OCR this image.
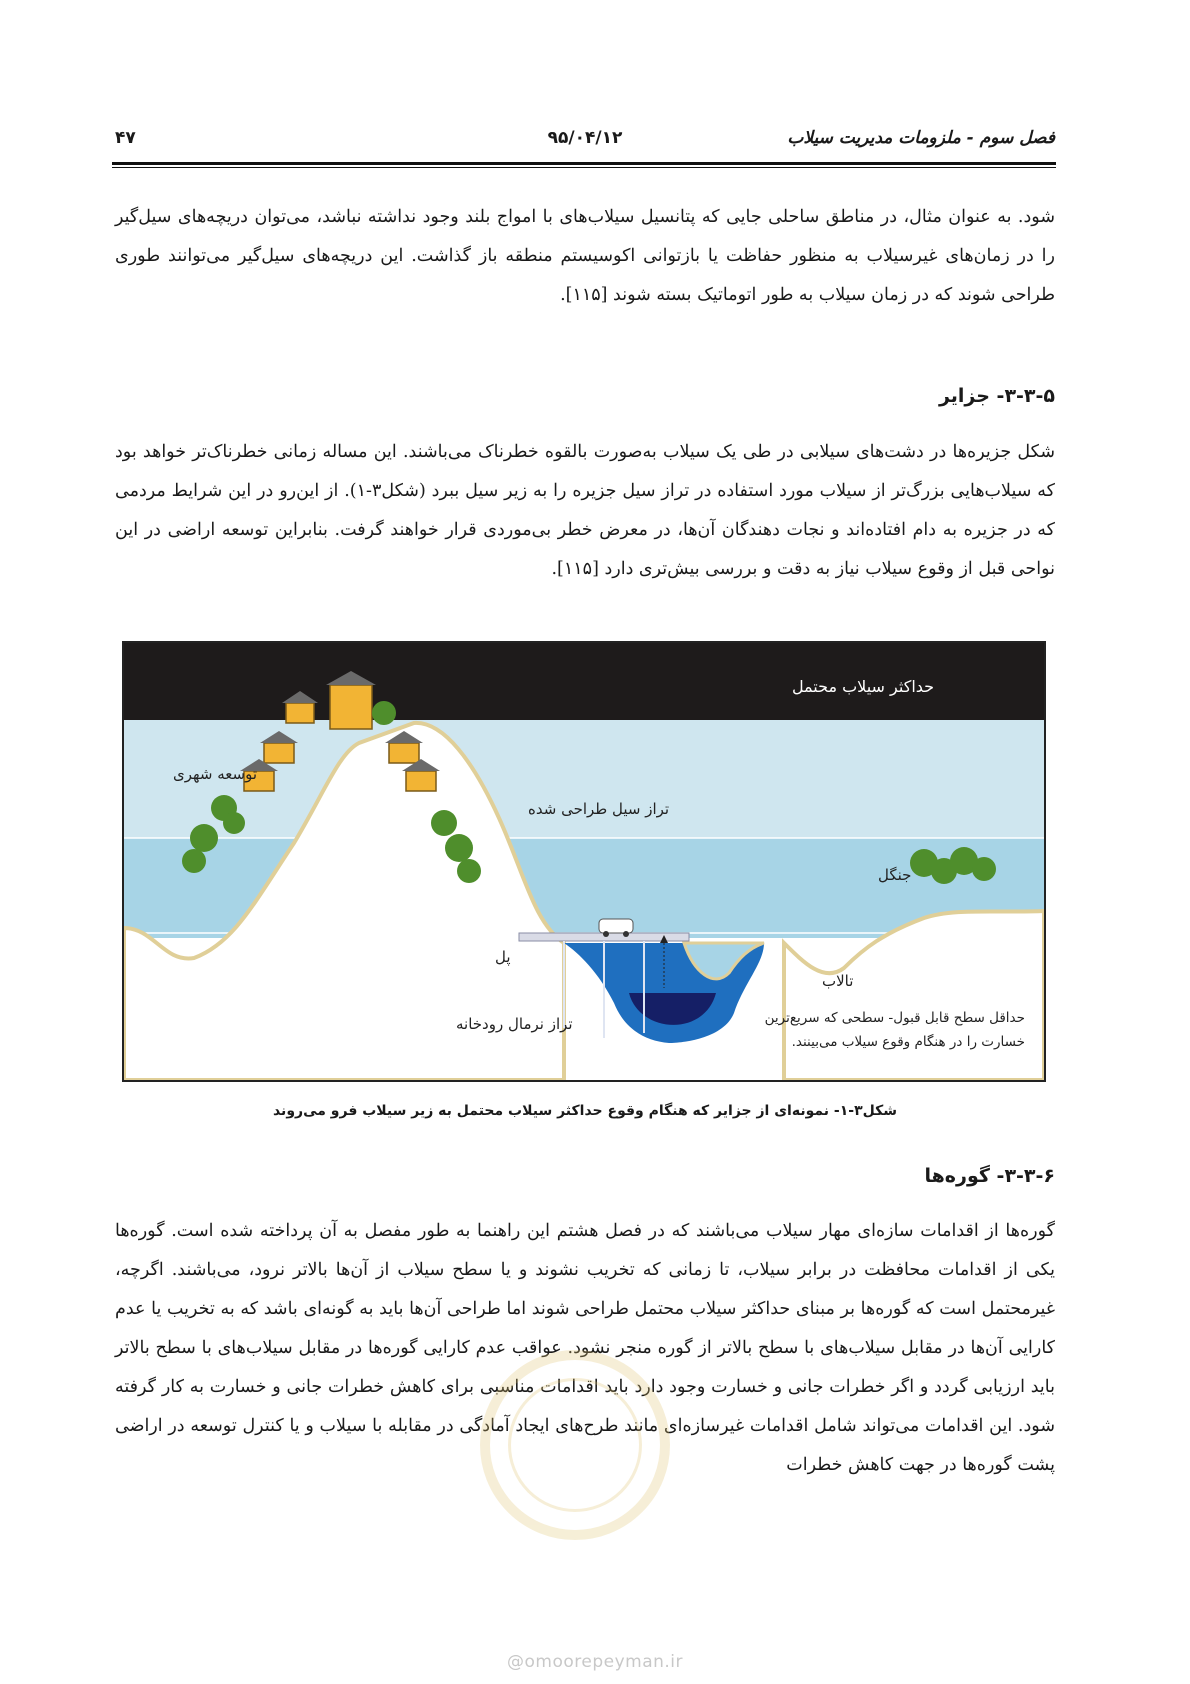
فصل سوم - ملزومات مدیریت سیلاب
۹۵/۰۴/۱۲
۴۷

شود. به عنوان مثال، در مناطق ساحلی جایی که پتانسیل سیلاب‌های با امواج بلند وجود نداشته نباشد، می‌توان دریچه‌های سیل‌گیر را در زمان‌های غیرسیلاب به منظور حفاظت یا بازتوانی اکوسیستم منطقه باز گذاشت. این دریچه‌های سیل‌گیر می‌توانند طوری طراحی شوند که در زمان سیلاب به طور اتوماتیک بسته شوند [۱۱۵].

۳-۳-۵- جزایر

شکل جزیره‌ها در دشت‌های سیلابی در طی یک سیلاب به‌صورت بالقوه خطرناک می‌باشند. این مساله زمانی خطرناک‌تر خواهد بود که سیلاب‌هایی بزرگ‌تر از سیلاب مورد استفاده در تراز سیل جزیره را به زیر سیل ببرد (شکل۳-۱). از این‌رو در این شرایط مردمی که در جزیره به دام افتاده‌اند و نجات دهندگان آن‌ها، در معرض خطر بی‌موردی قرار خواهند گرفت. بنابراین توسعه اراضی در این نواحی قبل از وقوع سیلاب نیاز به دقت و بررسی بیش‌تری دارد [۱۱۵].

حداکثر سیلاب محتمل
توسعه شهری
تراز سیل طراحی شده
جنگل
پل
تالاب
تراز نرمال رودخانه	حداقل سطح قابل قبول- سطحی که سریع‌ترین خسارت را در هنگام وقوع سیلاب می‌بینند.
شکل۳-۱- نمونه‌ای از جزایر که هنگام وقوع حداکثر سیلاب محتمل به زیر سیلاب فرو می‌روند
۳-۳-۶- گوره‌ها

گوره‌ها از اقدامات سازه‌ای مهار سیلاب می‌باشند که در فصل هشتم این راهنما به طور مفصل به آن پرداخته شده است. گوره‌ها یکی از اقدامات محافظت در برابر سیلاب، تا زمانی که تخریب نشوند و یا سطح سیلاب از آن‌ها بالاتر نرود، می‌باشند. اگرچه، غیرمحتمل است که گوره‌ها بر مبنای حداکثر سیلاب محتمل طراحی شوند اما طراحی آن‌ها باید به گونه‌ای باشد که به تخریب یا عدم کارایی آن‌ها در مقابل سیلاب‌های با سطح بالاتر از گوره منجر نشود. عواقب عدم کارایی گوره‌ها در مقابل سیلاب‌های با سطح بالاتر باید ارزیابی گردد و اگر خطرات جانی و خسارت وجود دارد باید اقدامات مناسبی برای کاهش خطرات جانی و خسارت به کار گرفته شود. این اقدامات می‌تواند شامل اقدامات غیرسازه‌ای مانند طرح‌های ایجاد آمادگی در مقابله با سیلاب و یا کنترل توسعه در اراضی پشت گوره‌ها در جهت کاهش خطرات

@omoorepeyman.ir
